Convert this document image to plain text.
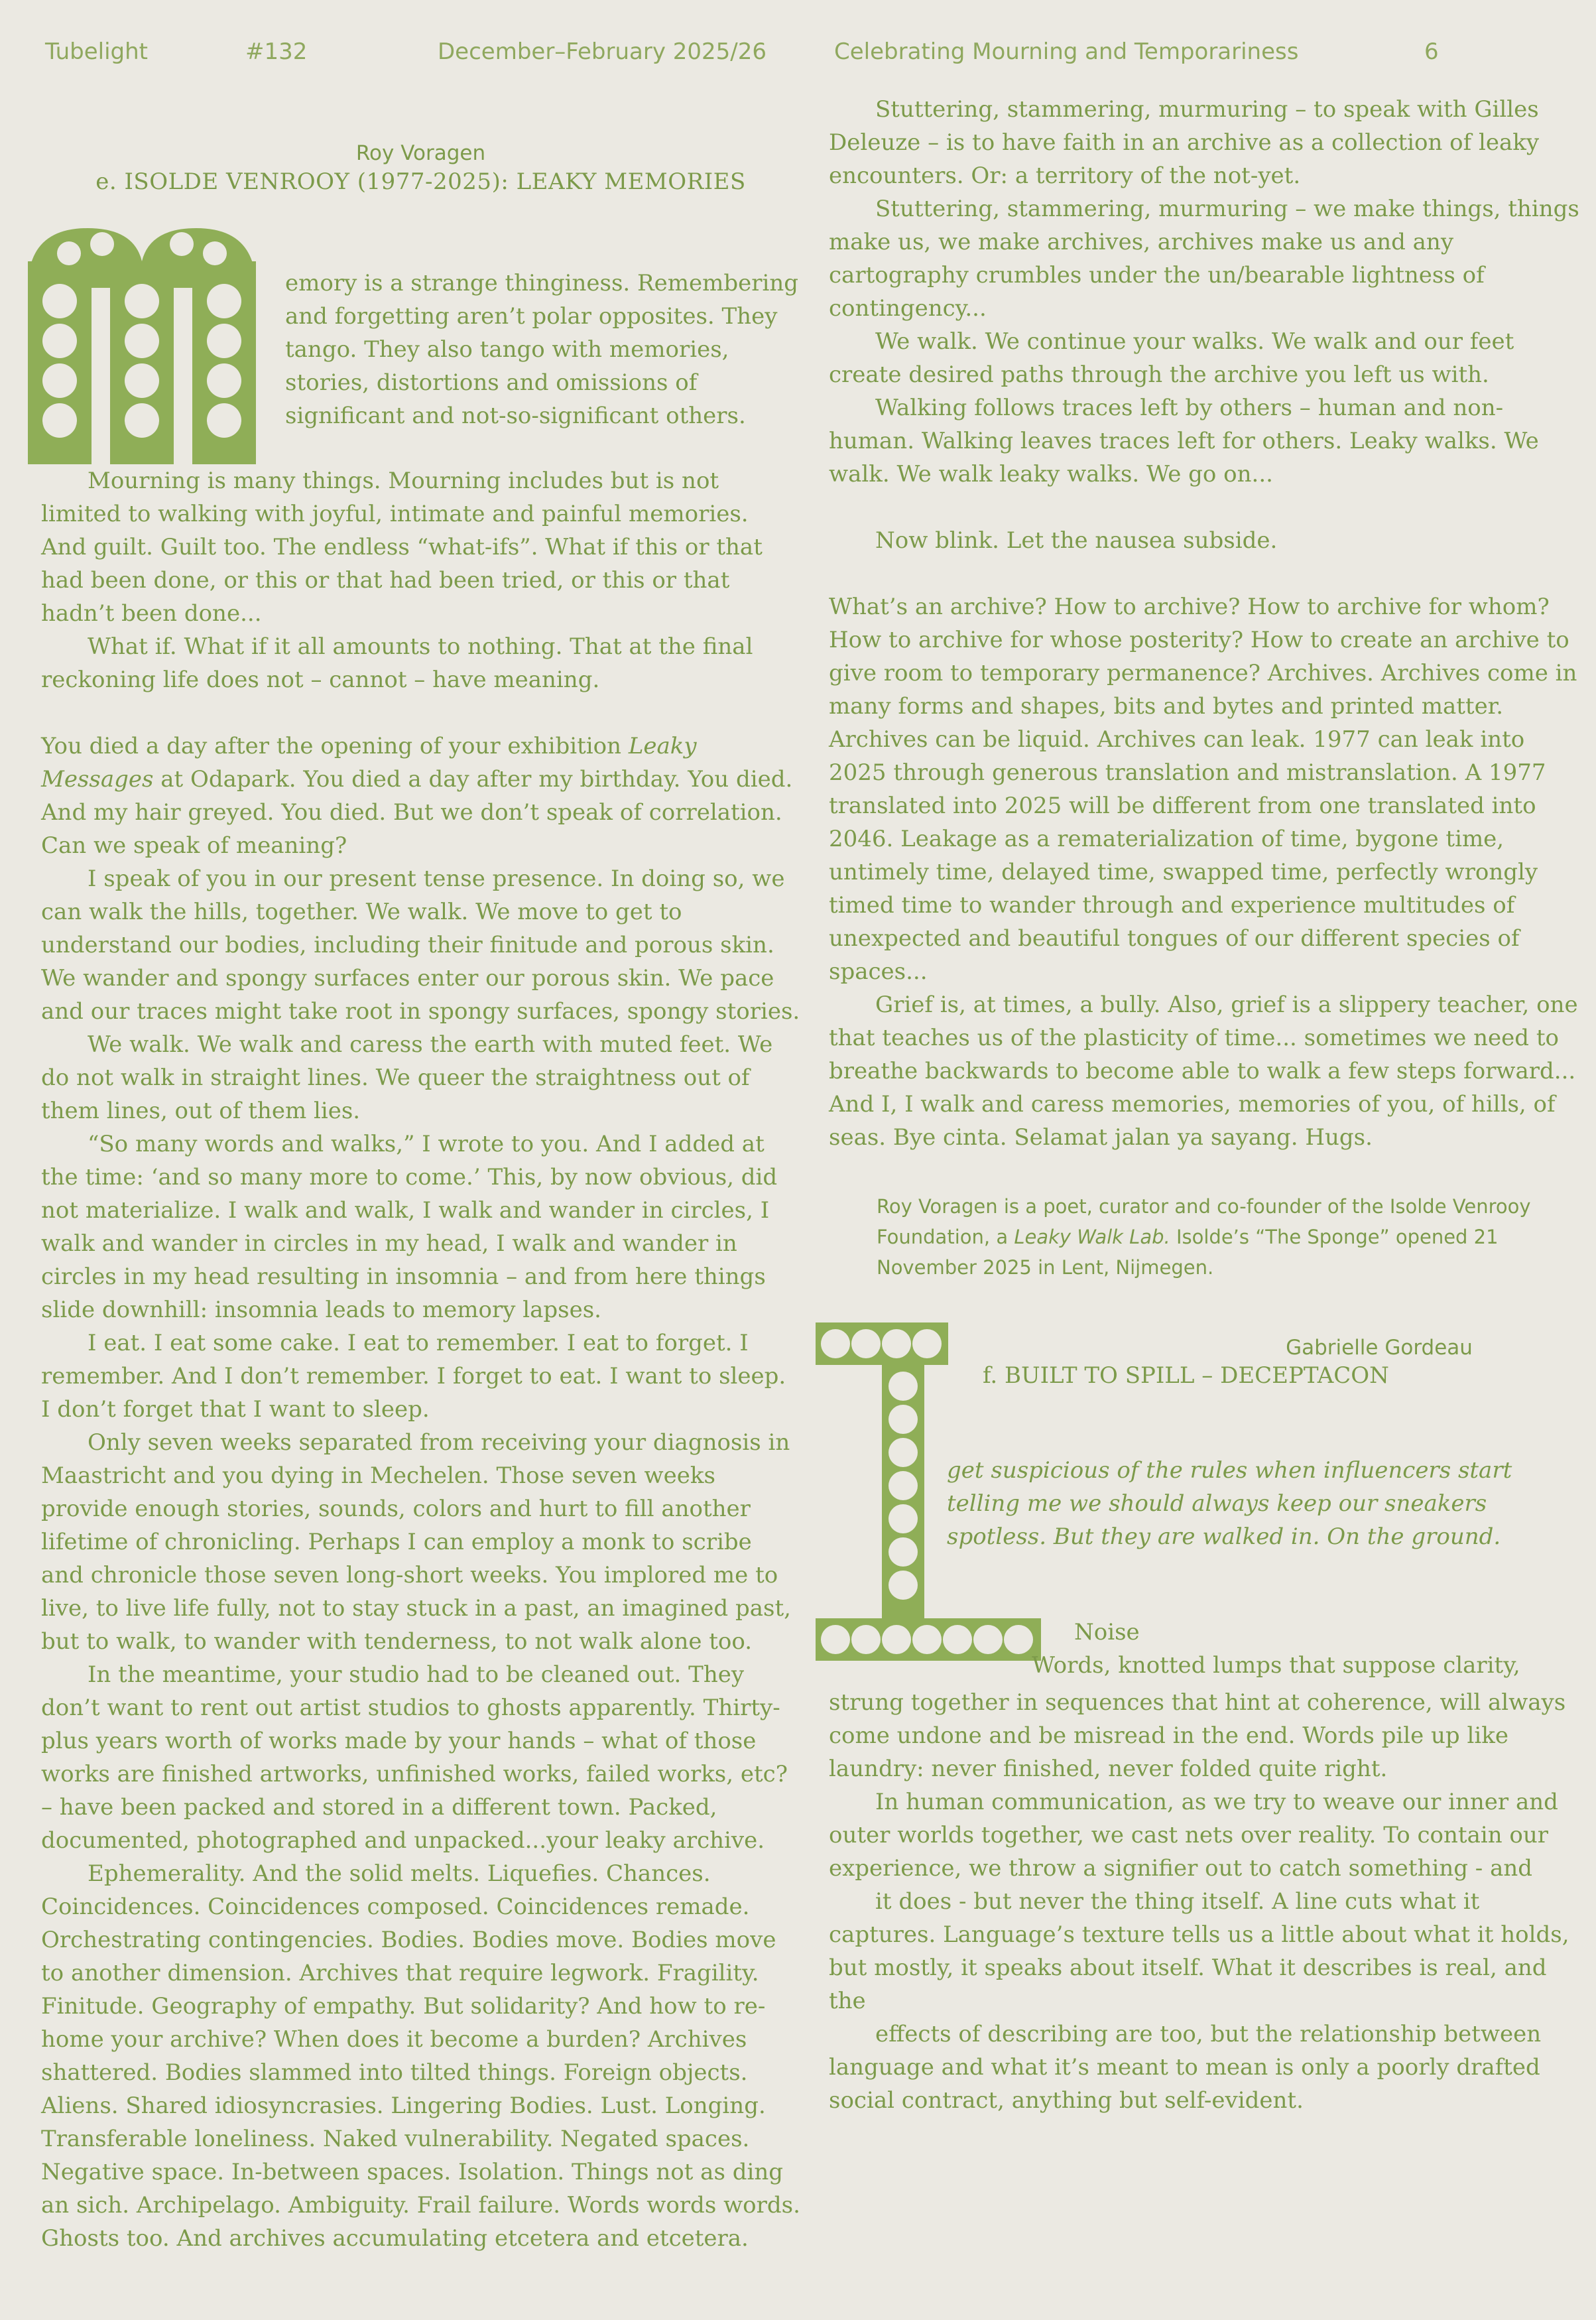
Tubelight	#132	December–February 2025/26	Celebrating Mourning and Temporariness	6
Roy Voragen
e. ISOLDE VENROOY (1977-2025): LEAKY MEMORIES

emory is a strange thinginess. Remembering and forgetting aren’t polar opposites. They tango. They also tango with memories, stories, distortions and omissions of significant and not-so-significant others.

Mourning is many things. Mourning includes but is not limited to walking with joyful, intimate and painful memories. And guilt. Guilt too. The endless “what-ifs”. What if this or that had been done, or this or that had been tried, or this or that hadn’t been done...

What if. What if it all amounts to nothing. That at the final reckoning life does not – cannot – have meaning.

You died a day after the opening of your exhibition Leaky Messages at Odapark. You died a day after my birthday. You died. And my hair greyed. You died. But we don’t speak of correlation. Can we speak of meaning?

I speak of you in our present tense presence. In doing so, we can walk the hills, together. We walk. We move to get to understand our bodies, including their finitude and porous skin. We wander and spongy surfaces enter our porous skin. We pace and our traces might take root in spongy surfaces, spongy stories.

We walk. We walk and caress the earth with muted feet. We do not walk in straight lines. We queer the straightness out of them lines, out of them lies.

“So many words and walks,” I wrote to you. And I added at the time: ‘and so many more to come.’ This, by now obvious, did not materialize. I walk and walk, I walk and wander in circles, I walk and wander in circles in my head, I walk and wander in circles in my head resulting in insomnia – and from here things slide downhill: insomnia leads to memory lapses.

I eat. I eat some cake. I eat to remember. I eat to forget. I remember. And I don’t remember. I forget to eat. I want to sleep. I don’t forget that I want to sleep.

Only seven weeks separated from receiving your diagnosis in Maastricht and you dying in Mechelen. Those seven weeks provide enough stories, sounds, colors and hurt to fill another lifetime of chronicling. Perhaps I can employ a monk to scribe and chronicle those seven long-short weeks. You implored me to live, to live life fully, not to stay stuck in a past, an imagined past, but to walk, to wander with tenderness, to not walk alone too.

In the meantime, your studio had to be cleaned out. They don’t want to rent out artist studios to ghosts apparently. Thirty-plus years worth of works made by your hands – what of those works are finished artworks, unfinished works, failed works, etc? – have been packed and stored in a different town. Packed, documented, photographed and unpacked...your leaky archive.

Ephemerality. And the solid melts. Liquefies. Chances. Coincidences. Coincidences composed. Coincidences remade. Orchestrating contingencies. Bodies. Bodies move. Bodies move to another dimension. Archives that require legwork. Fragility. Finitude. Geography of empathy. But solidarity? And how to re-home your archive? When does it become a burden? Archives shattered. Bodies slammed into tilted things. Foreign objects. Aliens. Shared idiosyncrasies. Lingering Bodies. Lust. Longing. Transferable loneliness. Naked vulnerability. Negated spaces. Negative space. In-between spaces. Isolation. Things not as ding an sich. Archipelago. Ambiguity. Frail failure. Words words words. Ghosts too. And archives accumulating etcetera and etcetera.

Stuttering, stammering, murmuring – to speak with Gilles Deleuze – is to have faith in an archive as a collection of leaky encounters. Or: a territory of the not-yet.

Stuttering, stammering, murmuring – we make things, things make us, we make archives, archives make us and any cartography crumbles under the un/bearable lightness of contingency...

We walk. We continue your walks. We walk and our feet create desired paths through the archive you left us with.

Walking follows traces left by others – human and non-human. Walking leaves traces left for others. Leaky walks. We walk. We walk leaky walks. We go on...

Now blink. Let the nausea subside.

What’s an archive? How to archive? How to archive for whom? How to archive for whose posterity? How to create an archive to give room to temporary permanence? Archives. Archives come in many forms and shapes, bits and bytes and printed matter. Archives can be liquid. Archives can leak. 1977 can leak into 2025 through generous translation and mistranslation. A 1977 translated into 2025 will be different from one translated into 2046. Leakage as a rematerialization of time, bygone time, untimely time, delayed time, swapped time, perfectly wrongly timed time to wander through and experience multitudes of unexpected and beautiful tongues of our different species of spaces...

Grief is, at times, a bully. Also, grief is a slippery teacher, one that teaches us of the plasticity of time... sometimes we need to breathe backwards to become able to walk a few steps forward... And I, I walk and caress memories, memories of you, of hills, of seas. Bye cinta. Selamat jalan ya sayang. Hugs.

Roy Voragen is a poet, curator and co-founder of the Isolde Venrooy Foundation, a Leaky Walk Lab. Isolde’s “The Sponge” opened 21 November 2025 in Lent, Nijmegen.
Gabrielle Gordeau
f. BUILT TO SPILL – DECEPTACON

get suspicious of the rules when influencers start telling me we should always keep our sneakers spotless. But they are walked in. On the ground.

Noise
Words, knotted lumps that suppose clarity,

strung together in sequences that hint at coherence, will always come undone and be misread in the end. Words pile up like laundry: never finished, never folded quite right.

In human communication, as we try to weave our inner and outer worlds together, we cast nets over reality. To contain our experience, we throw a signifier out to catch something - and

it does - but never the thing itself. A line cuts what it captures. Language’s texture tells us a little about what it holds, but mostly, it speaks about itself. What it describes is real, and the

effects of describing are too, but the relationship between language and what it’s meant to mean is only a poorly drafted social contract, anything but self-evident.
